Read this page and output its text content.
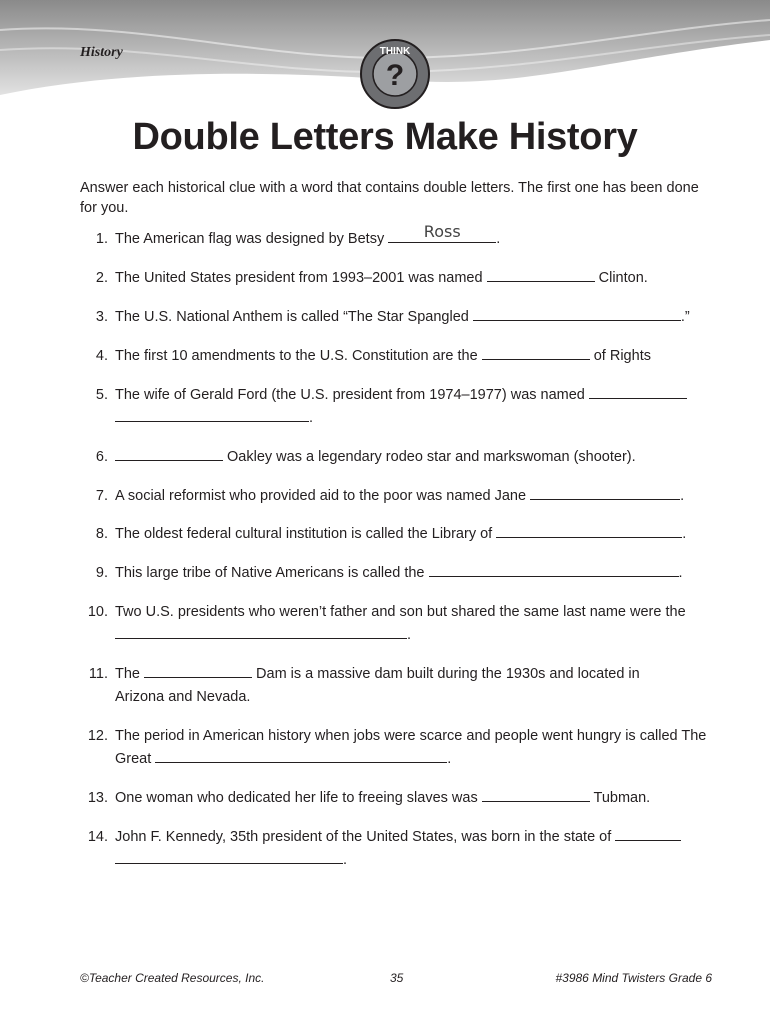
History
?
THINK
Double Letters Make History
Answer each historical clue with a word that contains double letters. The first one has been done for you.
1. The American flag was designed by Betsy	Ross	.
2. The United States president from 1993–2001 was named	Clinton.
3. The U.S. National Anthem is called “The Star Spangled	.”
4. The first 10 amendments to the U.S. Constitution are the	of Rights
5. The wife of Gerald Ford (the U.S. president from 1974–1977) was named
.
6.	Oakley was a legendary rodeo star and markswoman (shooter).
7. A social reformist who provided aid to the poor was named Jane	.
8. The oldest federal cultural institution is called the Library of	.
9. This large tribe of Native Americans is called the	.
10. Two U.S. presidents who weren’t father and son but shared the same last name were the .
11. The	Dam is a massive dam built during the 1930s and located in Arizona and Nevada.
12. The period in American history when jobs were scarce and people went hungry is called The Great	.
13. One woman who dedicated her life to freeing slaves was	Tubman.
14. John F. Kennedy, 35th president of the United States, was born in the state of
.
©Teacher Created Resources, Inc.	35	#3986 Mind Twisters Grade 6
